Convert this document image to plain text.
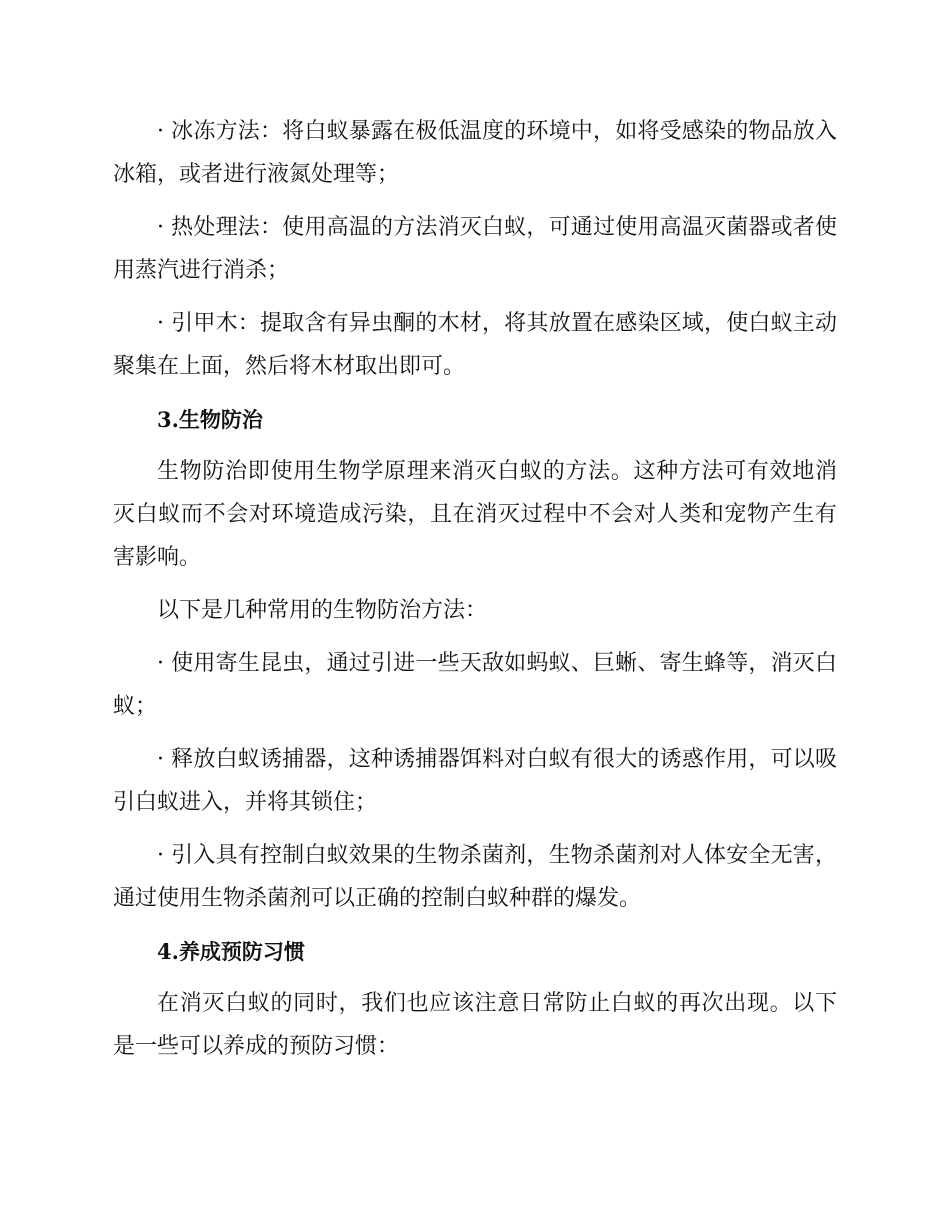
· 冰冻方法：将白蚁暴露在极低温度的环境中，如将受感染的物品放入冰箱，或者进行液氮处理等；

· 热处理法：使用高温的方法消灭白蚁，可通过使用高温灭菌器或者使用蒸汽进行消杀；

· 引甲木：提取含有异虫酮的木材，将其放置在感染区域，使白蚁主动聚集在上面，然后将木材取出即可。

3.生物防治

生物防治即使用生物学原理来消灭白蚁的方法。这种方法可有效地消灭白蚁而不会对环境造成污染，且在消灭过程中不会对人类和宠物产生有害影响。

以下是几种常用的生物防治方法：

· 使用寄生昆虫，通过引进一些天敌如蚂蚁、巨蜥、寄生蜂等，消灭白蚁；

· 释放白蚁诱捕器，这种诱捕器饵料对白蚁有很大的诱惑作用，可以吸引白蚁进入，并将其锁住；

· 引入具有控制白蚁效果的生物杀菌剂，生物杀菌剂对人体安全无害，通过使用生物杀菌剂可以正确的控制白蚁种群的爆发。

4.养成预防习惯

在消灭白蚁的同时，我们也应该注意日常防止白蚁的再次出现。以下是一些可以养成的预防习惯：
